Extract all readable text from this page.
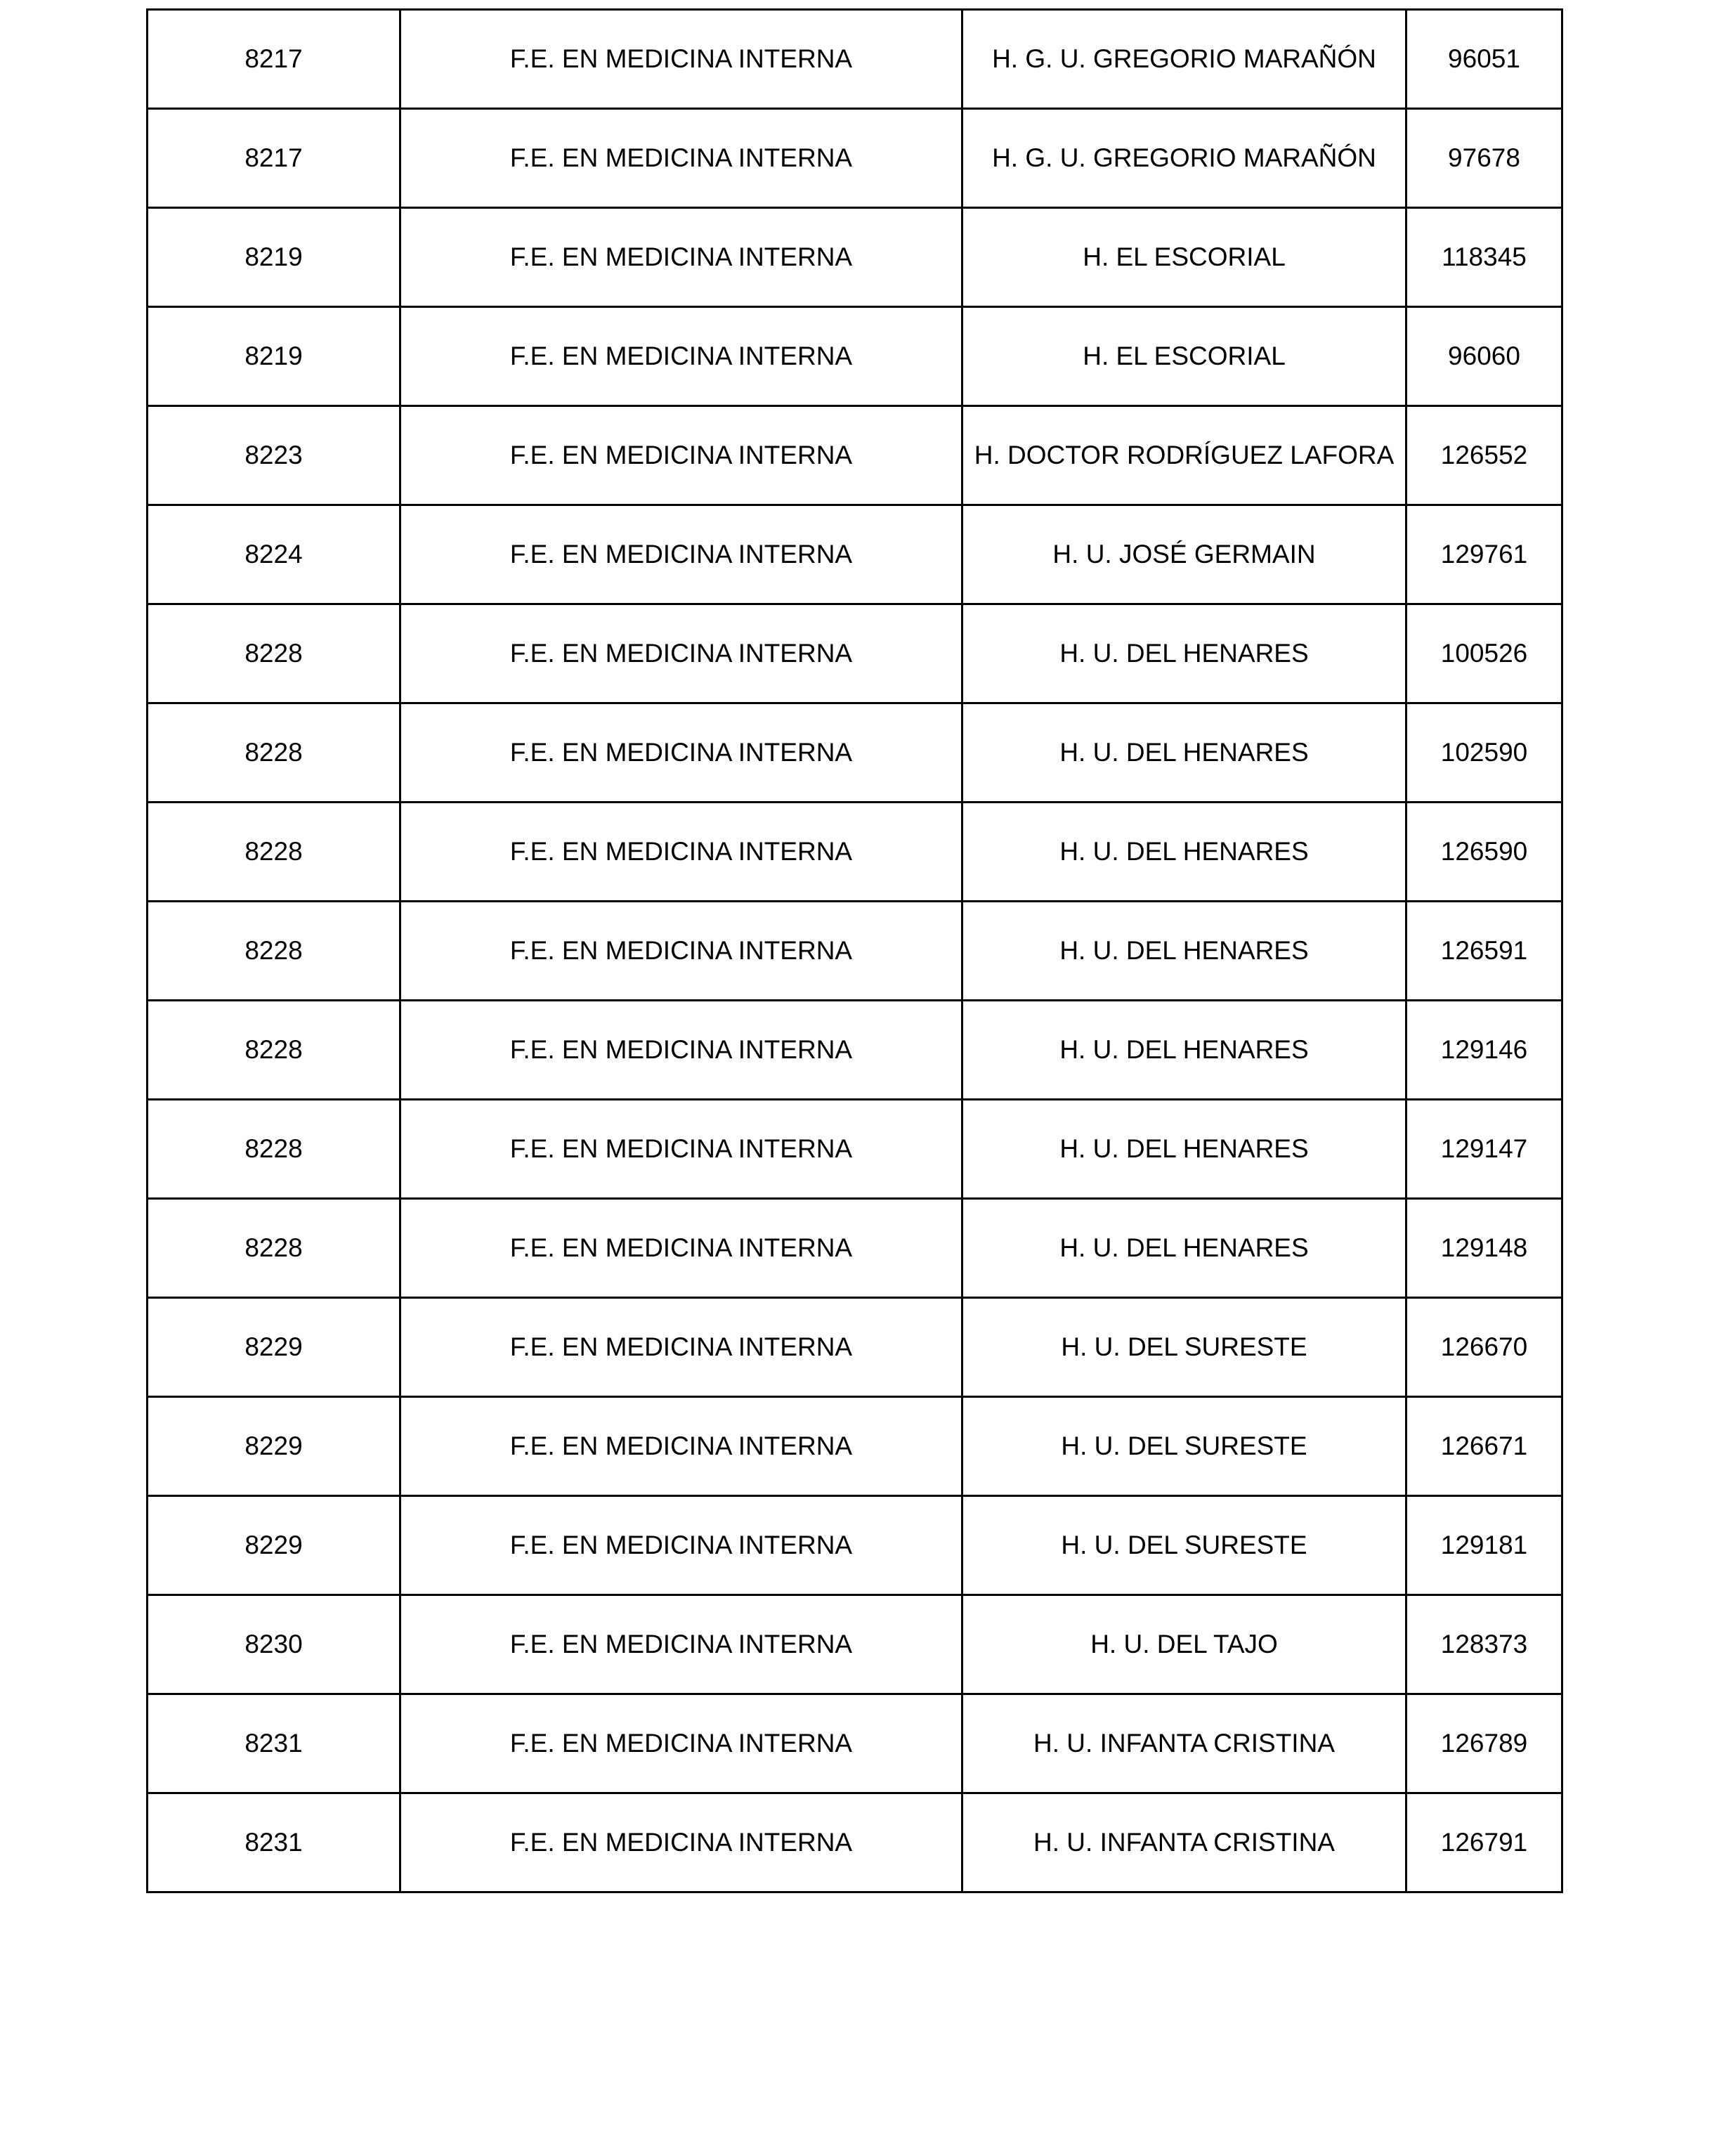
8217	F.E. EN MEDICINA INTERNA	H. G. U. GREGORIO MARAÑÓN	96051
8217	F.E. EN MEDICINA INTERNA	H. G. U. GREGORIO MARAÑÓN	97678
8219	F.E. EN MEDICINA INTERNA	H. EL ESCORIAL	118345
8219	F.E. EN MEDICINA INTERNA	H. EL ESCORIAL	96060
8223	F.E. EN MEDICINA INTERNA	H. DOCTOR RODRÍGUEZ LAFORA	126552
8224	F.E. EN MEDICINA INTERNA	H. U. JOSÉ GERMAIN	129761
8228	F.E. EN MEDICINA INTERNA	H. U. DEL HENARES	100526
8228	F.E. EN MEDICINA INTERNA	H. U. DEL HENARES	102590
8228	F.E. EN MEDICINA INTERNA	H. U. DEL HENARES	126590
8228	F.E. EN MEDICINA INTERNA	H. U. DEL HENARES	126591
8228	F.E. EN MEDICINA INTERNA	H. U. DEL HENARES	129146
8228	F.E. EN MEDICINA INTERNA	H. U. DEL HENARES	129147
8228	F.E. EN MEDICINA INTERNA	H. U. DEL HENARES	129148
8229	F.E. EN MEDICINA INTERNA	H. U. DEL SURESTE	126670
8229	F.E. EN MEDICINA INTERNA	H. U. DEL SURESTE	126671
8229	F.E. EN MEDICINA INTERNA	H. U. DEL SURESTE	129181
8230	F.E. EN MEDICINA INTERNA	H. U. DEL TAJO	128373
8231	F.E. EN MEDICINA INTERNA	H. U. INFANTA CRISTINA	126789
8231	F.E. EN MEDICINA INTERNA	H. U. INFANTA CRISTINA	126791
